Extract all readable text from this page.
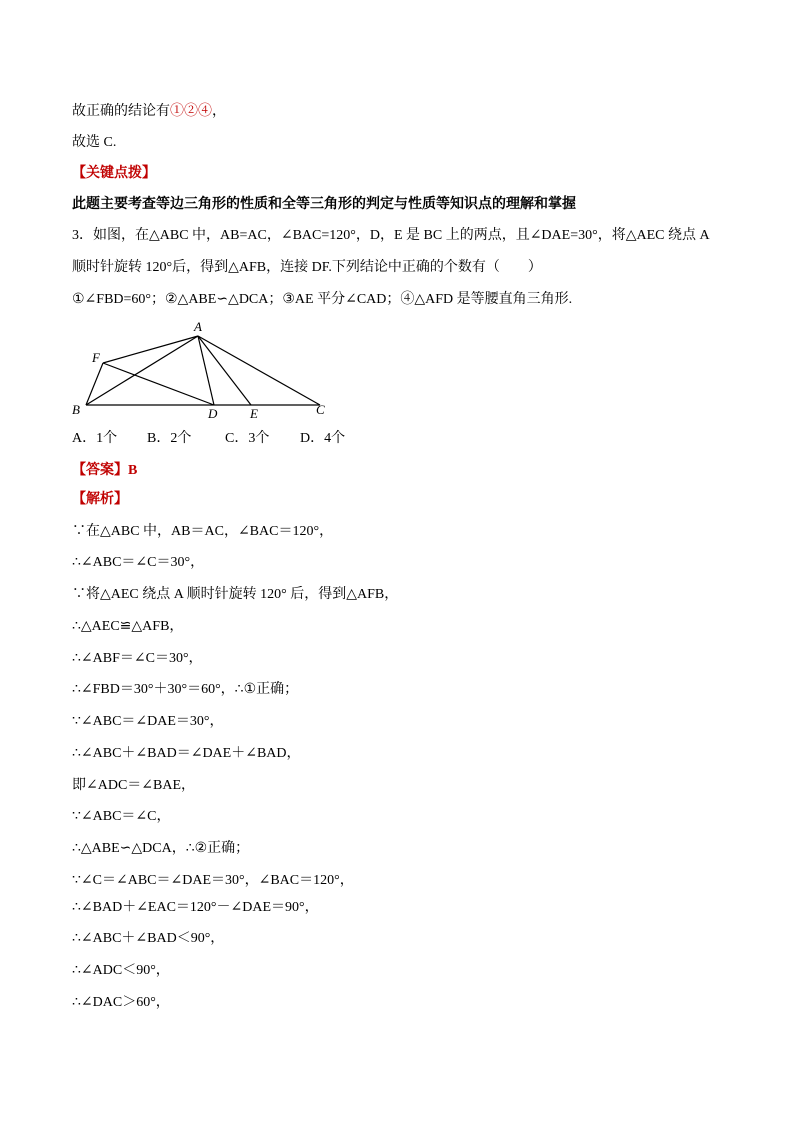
故正确的结论有①②④，
故选 C.
【关键点拨】
此题主要考查等边三角形的性质和全等三角形的判定与性质等知识点的理解和掌握
3．如图，在△ABC 中，AB=AC，∠BAC=120°，D，E 是 BC 上的两点，且∠DAE=30°，将△AEC 绕点 A
顺时针旋转 120°后，得到△AFB，连接 DF.下列结论中正确的个数有（　　）
①∠FBD=60°；②△ABE∽△DCA；③AE 平分∠CAD；④△AFD 是等腰直角三角形.
A
F
B	D	E	C
A．1个 B．2个 C．3个 D．4个
【答案】B
【解析】
∵在△ABC 中，AB＝AC，∠BAC＝120°，
∴∠ABC＝∠C＝30°，
∵将△AEC 绕点 A 顺时针旋转 120° 后，得到△AFB，
∴△AEC≌△AFB，
∴∠ABF＝∠C＝30°，
∴∠FBD＝30°＋30°＝60°，∴①正确；
∵∠ABC＝∠DAE＝30°，
∴∠ABC＋∠BAD＝∠DAE＋∠BAD，
即∠ADC＝∠BAE，
∵∠ABC＝∠C，
∴△ABE∽△DCA，∴②正确；
∵∠C＝∠ABC＝∠DAE＝30°，∠BAC＝120°，
∴∠BAD＋∠EAC＝120°－∠DAE＝90°，
∴∠ABC＋∠BAD＜90°，
∴∠ADC＜90°，
∴∠DAC＞60°，
